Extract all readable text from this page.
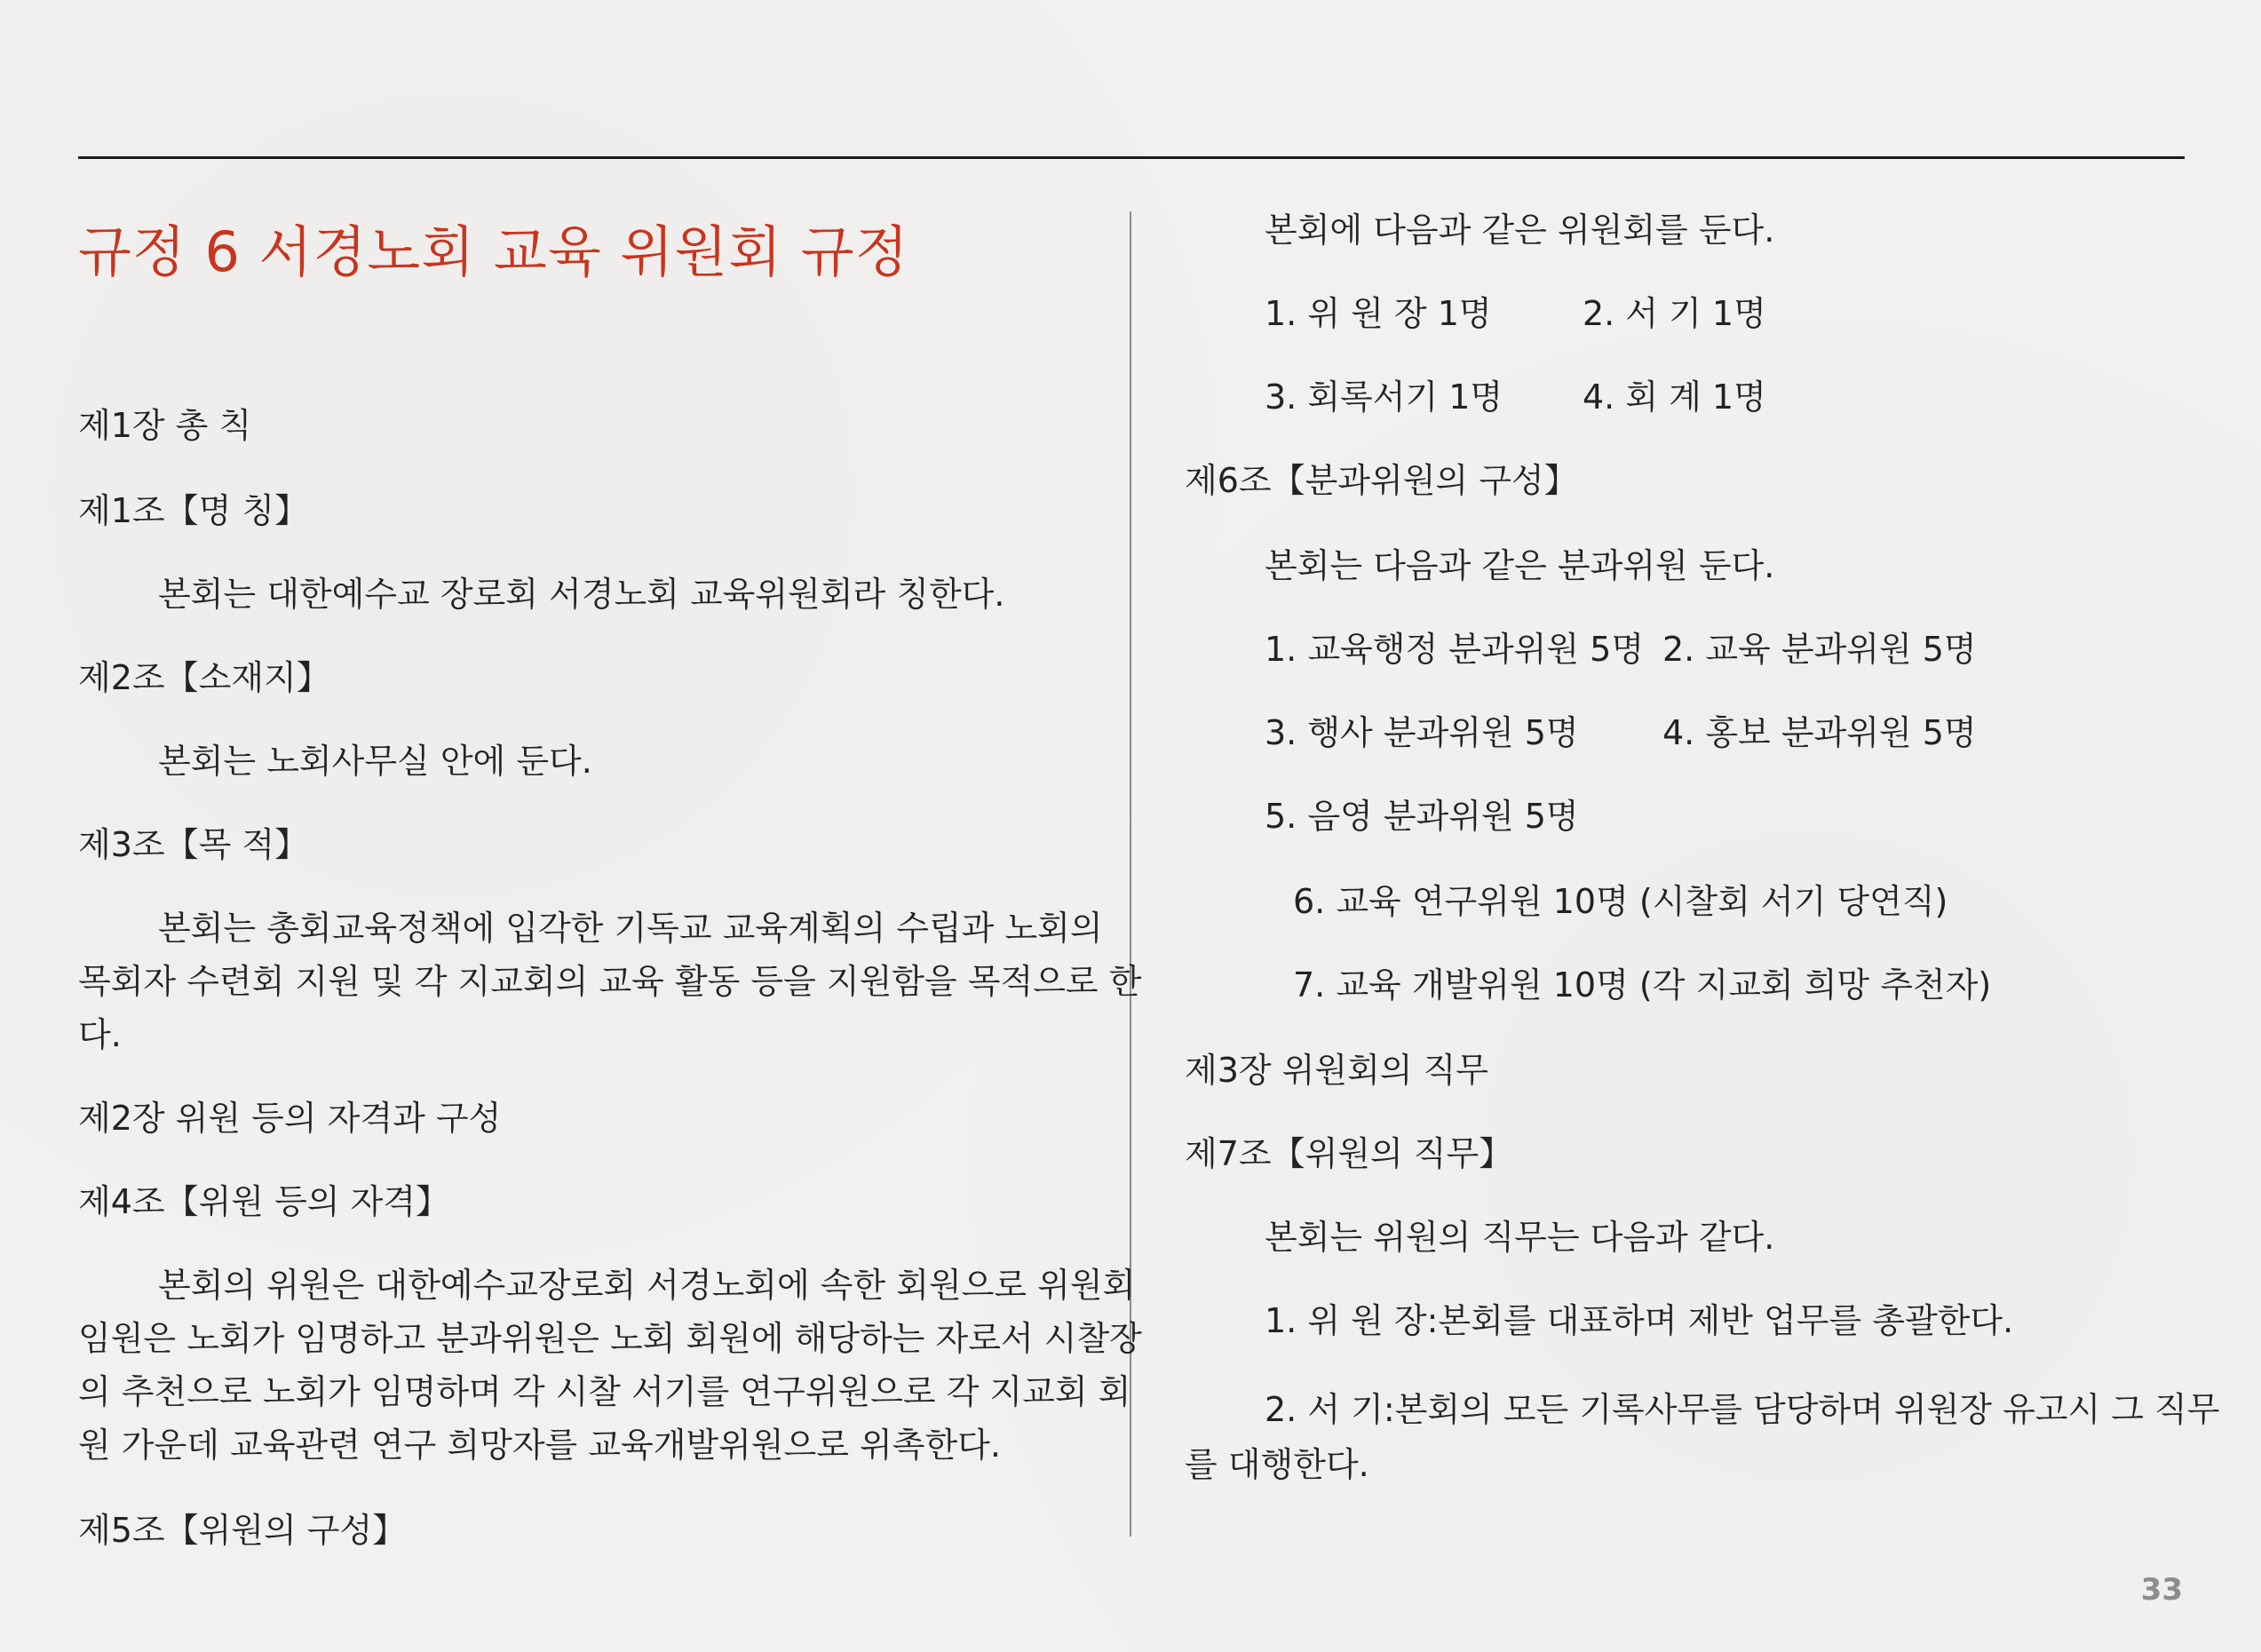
규정 6 서경노회 교육 위원회 규정
제1장 총 칙
제1조【명 칭】
본회는 대한예수교 장로회 서경노회 교육위원회라 칭한다.
제2조【소재지】
본회는 노회사무실 안에 둔다.
제3조【목 적】
본회는 총회교육정책에 입각한 기독교 교육계획의 수립과 노회의
목회자 수련회 지원 및 각 지교회의 교육 활동 등을 지원함을 목적으로 한
다.
제2장 위원 등의 자격과 구성
제4조【위원 등의 자격】
본회의 위원은 대한예수교장로회 서경노회에 속한 회원으로 위원회
임원은 노회가 임명하고 분과위원은 노회 회원에 해당하는 자로서 시찰장
의 추천으로 노회가 임명하며 각 시찰 서기를 연구위원으로 각 지교회 회
원 가운데 교육관련 연구 희망자를 교육개발위원으로 위촉한다.
제5조【위원의 구성】
본회에 다음과 같은 위원회를 둔다.
1. 위 원 장 1명	2. 서 기 1명
3. 회록서기 1명 4. 회 계 1명
제6조【분과위원의 구성】
본회는 다음과 같은 분과위원 둔다.
1. 교육행정 분과위원 5명 2. 교육 분과위원 5명
3. 행사 분과위원 5명 4. 홍보 분과위원 5명
5. 음영 분과위원 5명
6. 교육 연구위원 10명 (시찰회 서기 당연직)
7. 교육 개발위원 10명 (각 지교회 희망 추천자)
제3장 위원회의 직무
제7조【위원의 직무】
본회는 위원의 직무는 다음과 같다.
1. 위 원 장:본회를 대표하며 제반 업무를 총괄한다.
2. 서 기:본회의 모든 기록사무를 담당하며 위원장 유고시 그 직무
를 대행한다.
33
